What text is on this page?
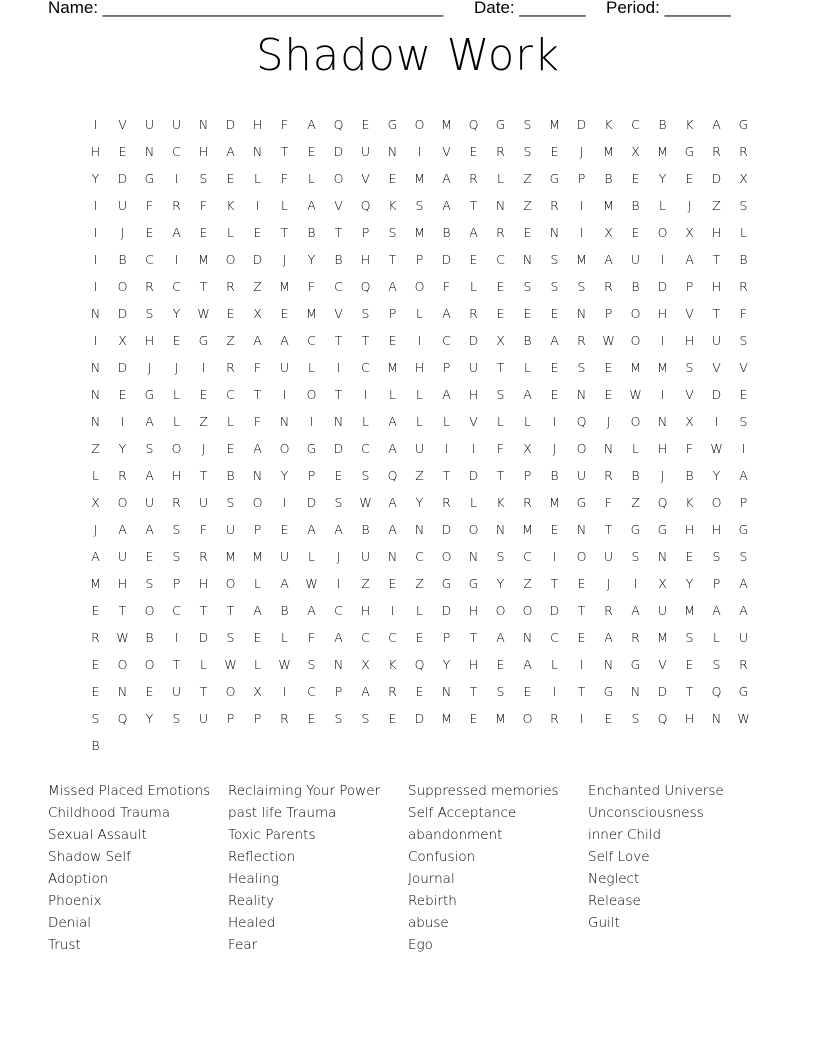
Name: ____________________________________ Date: _______ Period: _______
Shadow Work
I	V	U	U	N	D	H	F	A	Q	E	G	O	M	Q	G	S	M	D	K	C	B	K	A	G
H	E	N	C	H	A	N	T	E	D	U	N	I	V	E	R	S	E	J	M	X	M	G	R	R
Y	D	G	I	S	E	L	F	L	O	V	E	M	A	R	L	Z	G	P	B	E	Y	E	D	X
I	U	F	R	F	K	I	L	A	V	Q	K	S	A	T	N	Z	R	I	M	B	L	J	Z	S
I	J	E	A	E	L	E	T	B	T	P	S	M	B	A	R	E	N	I	X	E	O	X	H	L
I	B	C	I	M	O	D	J	Y	B	H	T	P	D	E	C	N	S	M	A	U	I	A	T	B
I	O	R	C	T	R	Z	M	F	C	Q	A	O	F	L	E	S	S	S	R	B	D	P	H	R
N	D	S	Y	W	E	X	E	M	V	S	P	L	A	R	E	E	E	N	P	O	H	V	T	F
I	X	H	E	G	Z	A	A	C	T	T	E	I	C	D	X	B	A	R	W	O	I	H	U	S
N	D	J	J	I	R	F	U	L	I	C	M	H	P	U	T	L	E	S	E	M	M	S	V	V
N	E	G	L	E	C	T	I	O	T	I	L	L	A	H	S	A	E	N	E	W	I	V	D	E
N	I	A	L	Z	L	F	N	I	N	L	A	L	L	V	L	L	I	Q	J	O	N	X	I	S
Z	Y	S	O	J	E	A	O	G	D	C	A	U	I	I	F	X	J	O	N	L	H	F	W	I
L	R	A	H	T	B	N	Y	P	E	S	Q	Z	T	D	T	P	B	U	R	B	J	B	Y	A
X	O	U	R	U	S	O	I	D	S	W	A	Y	R	L	K	R	M	G	F	Z	Q	K	O	P
J	A	A	S	F	U	P	E	A	A	B	A	N	D	O	N	M	E	N	T	G	G	H	H	G
A	U	E	S	R	M	M	U	L	J	U	N	C	O	N	S	C	I	O	U	S	N	E	S	S
M	H	S	P	H	O	L	A	W	I	Z	E	Z	G	G	Y	Z	T	E	J	I	X	Y	P	A
E	T	O	C	T	T	A	B	A	C	H	I	L	D	H	O	O	D	T	R	A	U	M	A	A
R	W	B	I	D	S	E	L	F	A	C	C	E	P	T	A	N	C	E	A	R	M	S	L	U
E	O	O	T	L	W	L	W	S	N	X	K	Q	Y	H	E	A	L	I	N	G	V	E	S	R
E	N	E	U	T	O	X	I	C	P	A	R	E	N	T	S	E	I	T	G	N	D	T	Q	G
S	Q	Y	S	U	P	P	R	E	S	S	E	D	M	E	M	O	R	I	E	S	Q	H	N	W
B
Missed Placed Emotions
Childhood Trauma
Sexual Assault
Shadow Self
Adoption
Phoenix
Denial
Trust
Reclaiming Your Power
past life Trauma
Toxic Parents
Reflection
Healing
Reality
Healed
Fear
Suppressed memories
Self Acceptance
abandonment
Confusion
Journal
Rebirth
abuse
Ego
Enchanted Universe
Unconsciousness
inner Child
Self Love
Neglect
Release
Guilt
